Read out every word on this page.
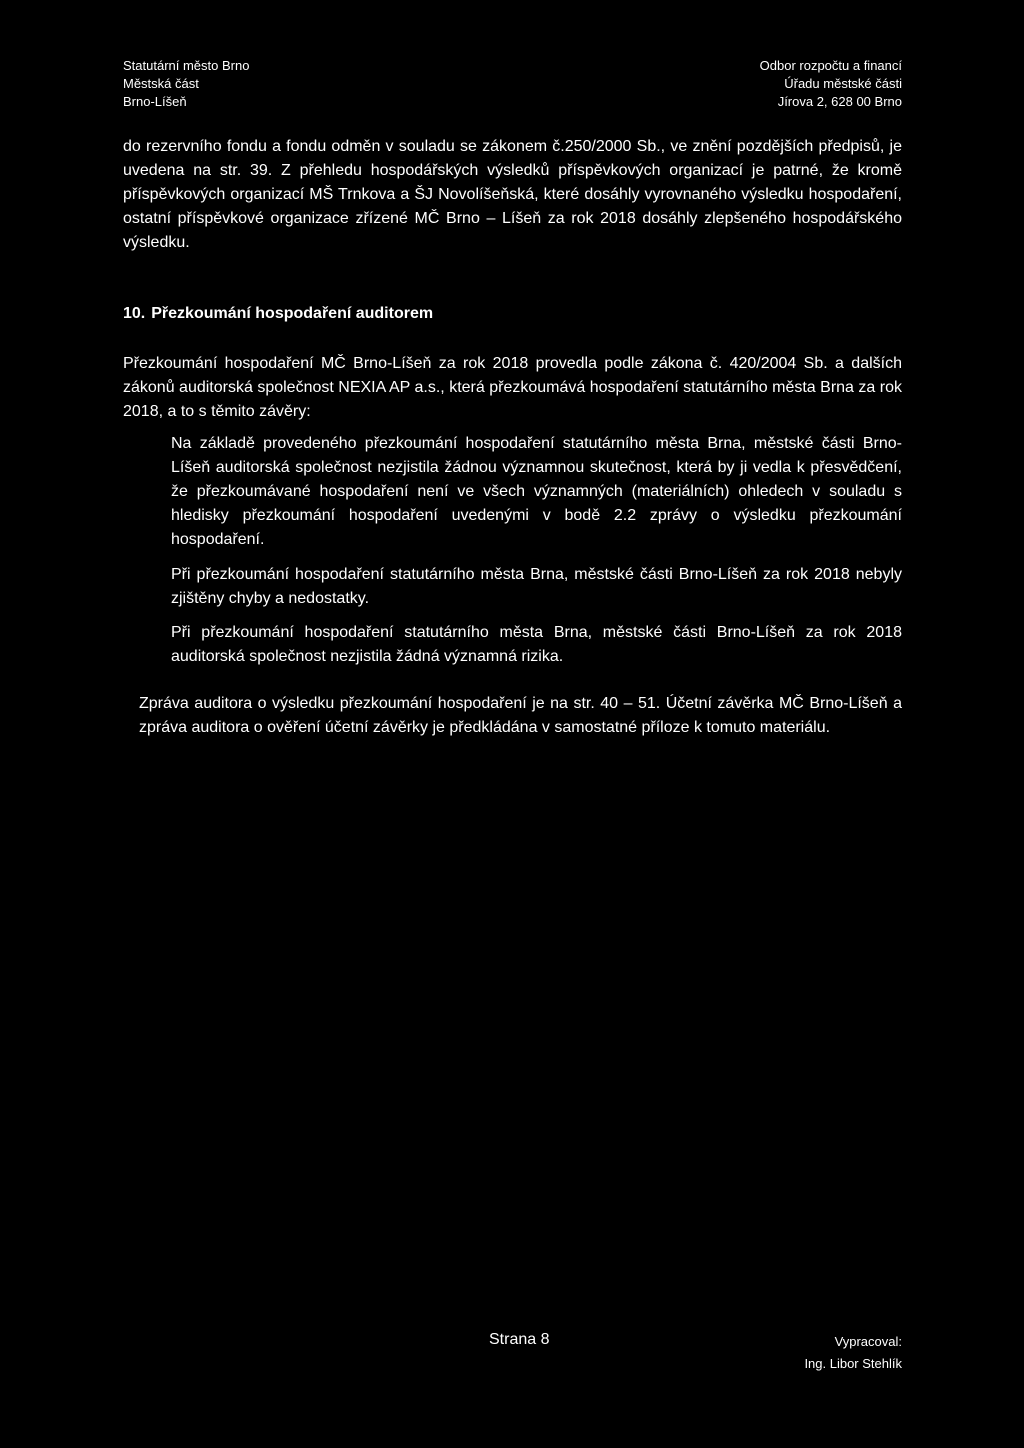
Statutární město Brno
Městská část
Brno-Líšeň
Odbor rozpočtu a financí
Úřadu městské části
Jírova 2, 628 00 Brno

do rezervního fondu a fondu odměn v souladu se zákonem č.250/2000 Sb., ve znění pozdějších předpisů, je uvedena na str. 39. Z přehledu hospodářských výsledků příspěvkových organizací je patrné, že kromě příspěvkových organizací MŠ Trnkova a ŠJ Novolíšeňská, které dosáhly vyrovnaného výsledku hospodaření, ostatní příspěvkové organizace zřízené MČ Brno – Líšeň za rok 2018 dosáhly zlepšeného hospodářského výsledku.

10. Přezkoumání hospodaření auditorem

Přezkoumání hospodaření MČ Brno-Líšeň za rok 2018 provedla podle zákona č. 420/2004 Sb. a dalších zákonů auditorská společnost NEXIA AP a.s., která přezkoumává hospodaření statutárního města Brna za rok 2018, a to s těmito závěry:

Na základě provedeného přezkoumání hospodaření statutárního města Brna, městské části Brno-Líšeň auditorská společnost nezjistila žádnou významnou skutečnost, která by ji vedla k přesvědčení, že přezkoumávané hospodaření není ve všech významných (materiálních) ohledech v souladu s hledisky přezkoumání hospodaření uvedenými v bodě 2.2 zprávy o výsledku přezkoumání hospodaření.

Při přezkoumání hospodaření statutárního města Brna, městské části Brno-Líšeň za rok 2018 nebyly zjištěny chyby a nedostatky.

Při přezkoumání hospodaření statutárního města Brna, městské části Brno-Líšeň za rok 2018 auditorská společnost nezjistila žádná významná rizika.

Zpráva auditora o výsledku přezkoumání hospodaření je na str. 40 – 51. Účetní závěrka MČ Brno-Líšeň a zpráva auditora o ověření účetní závěrky je předkládána v samostatné příloze k tomuto materiálu.

Strana 8	Vypracoval:
Ing. Libor Stehlík
